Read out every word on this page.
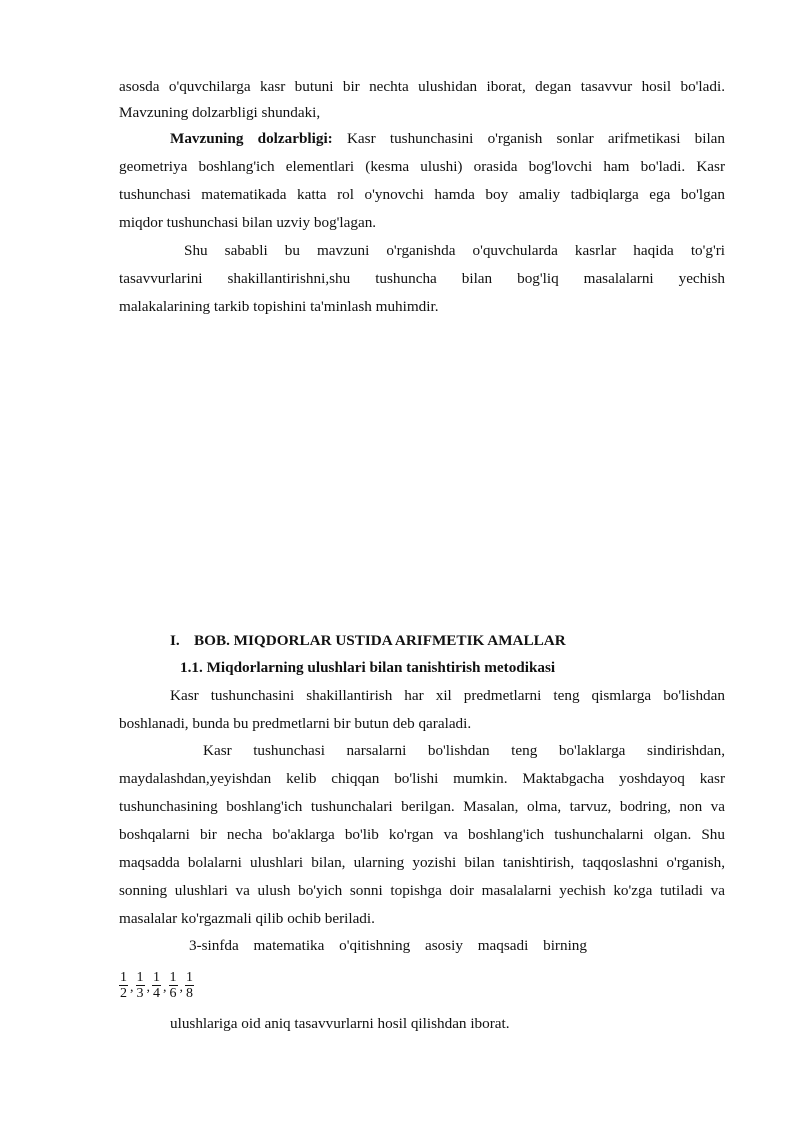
asosda o'quvchilarga kasr butuni bir nechta ulushidan iborat, degan tasavvur hosil bo'ladi.
Mavzuning dolzarbligi shundaki,
Mavzuning dolzarbligi: Kasr tushunchasini o'rganish sonlar arifmetikasi bilan
geometriya boshlang'ich elementlari (kesma ulushi) orasida bog'lovchi ham bo'ladi. Kasr
tushunchasi matematikada katta rol o'ynovchi hamda boy amaliy tadbiqlarga ega bo'lgan
miqdor tushunchasi bilan uzviy bog'lagan.
Shu sababli bu mavzuni o'rganishda o'quvchularda kasrlar haqida to'g'ri
tasavvurlarini shakillantirishni,shu tushuncha bilan bog'liq masalalarni yechish
malakalarining tarkib topishini ta'minlash muhimdir.
I. BOB. MIQDORLAR USTIDA ARIFMETIK AMALLAR
1.1. Miqdorlarning ulushlari bilan tanishtirish metodikasi
Kasr tushunchasini shakillantirish har xil predmetlarni teng qismlarga bo'lishdan
boshlanadi, bunda bu predmetlarni bir butun deb qaraladi.
Kasr tushunchasi narsalarni bo'lishdan teng bo'laklarga sindirishdan,
maydalashdan,yeyishdan kelib chiqqan bo'lishi mumkin. Maktabgacha yoshdayoq kasr
tushunchasining boshlang'ich tushunchalari berilgan. Masalan, olma, tarvuz, bodring, non va
boshqalarni bir necha bo'aklarga bo'lib ko'rgan va boshlang'ich tushunchalarni olgan. Shu
maqsadda bolalarni ulushlari bilan, ularning yozishi bilan tanishtirish, taqqoslashni o'rganish,
sonning ulushlari va ulush bo'yich sonni topishga doir masalalarni yechish ko'zga tutiladi va
masalalar ko'rgazmali qilib ochib beriladi.
3-sinfda matematika o'qitishning asosiy maqsadi birning
$\frac{1}{2}$ , $\frac{1}{3}$ , $\frac{1}{4}$ , $\frac{1}{6}$ , $\frac{1}{8}$
ulushlariga oid aniq tasavvurlarni hosil qilishdan iborat.
